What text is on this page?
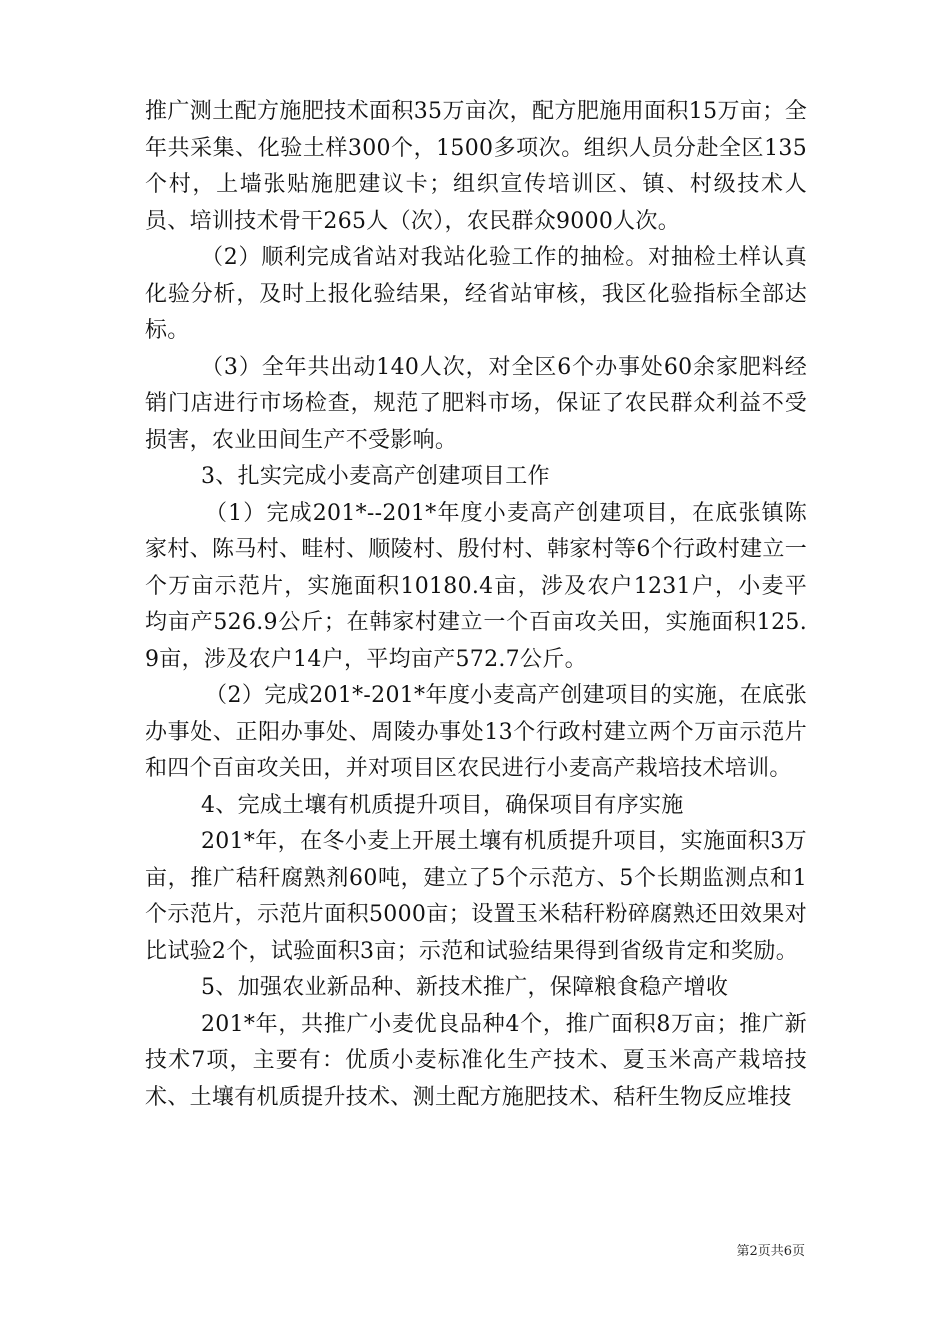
推广测土配方施肥技术面积35万亩次，配方肥施用面积15万亩；全年共采集、化验土样300个，1500多项次。组织人员分赴全区135个村，上墙张贴施肥建议卡；组织宣传培训区、镇、村级技术人员、培训技术骨干265人（次），农民群众9000人次。

（2）顺利完成省站对我站化验工作的抽检。对抽检土样认真化验分析，及时上报化验结果，经省站审核，我区化验指标全部达标。

（3）全年共出动140人次，对全区6个办事处60余家肥料经销门店进行市场检查，规范了肥料市场，保证了农民群众利益不受损害，农业田间生产不受影响。

3、扎实完成小麦高产创建项目工作

（1）完成201*--201*年度小麦高产创建项目，在底张镇陈家村、陈马村、畦村、顺陵村、殷付村、韩家村等6个行政村建立一个万亩示范片，实施面积10180.4亩，涉及农户1231户，小麦平均亩产526.9公斤；在韩家村建立一个百亩攻关田，实施面积125.9亩，涉及农户14户，平均亩产572.7公斤。

（2）完成201*-201*年度小麦高产创建项目的实施，在底张办事处、正阳办事处、周陵办事处13个行政村建立两个万亩示范片和四个百亩攻关田，并对项目区农民进行小麦高产栽培技术培训。

4、完成土壤有机质提升项目，确保项目有序实施

201*年，在冬小麦上开展土壤有机质提升项目，实施面积3万亩，推广秸秆腐熟剂60吨，建立了5个示范方、5个长期监测点和1个示范片，示范片面积5000亩；设置玉米秸秆粉碎腐熟还田效果对比试验2个，试验面积3亩；示范和试验结果得到省级肯定和奖励。

5、加强农业新品种、新技术推广，保障粮食稳产增收

201*年，共推广小麦优良品种4个，推广面积8万亩；推广新技术7项，主要有：优质小麦标准化生产技术、夏玉米高产栽培技术、土壤有机质提升技术、测土配方施肥技术、秸秆生物反应堆技

第2页共6页
